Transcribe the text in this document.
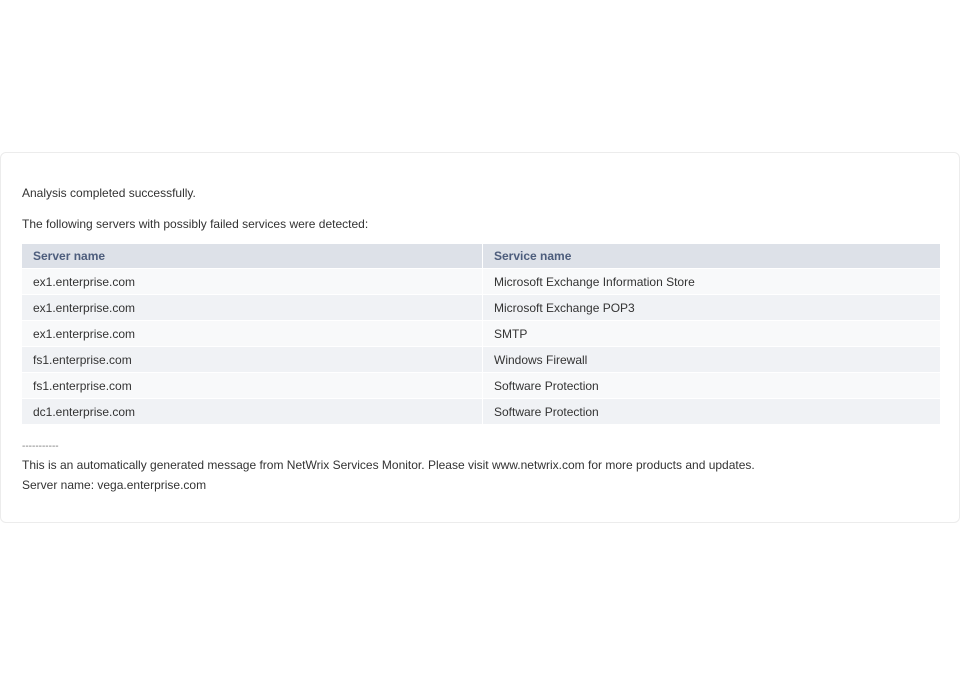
Analysis completed successfully.
The following servers with possibly failed services were detected:
Server name	Service name
ex1.enterprise.com	Microsoft Exchange Information Store
ex1.enterprise.com	Microsoft Exchange POP3
ex1.enterprise.com	SMTP
fs1.enterprise.com	Windows Firewall
fs1.enterprise.com	Software Protection
dc1.enterprise.com	Software Protection
-----------
This is an automatically generated message from NetWrix Services Monitor. Please visit www.netwrix.com for more products and updates.
Server name: vega.enterprise.com
